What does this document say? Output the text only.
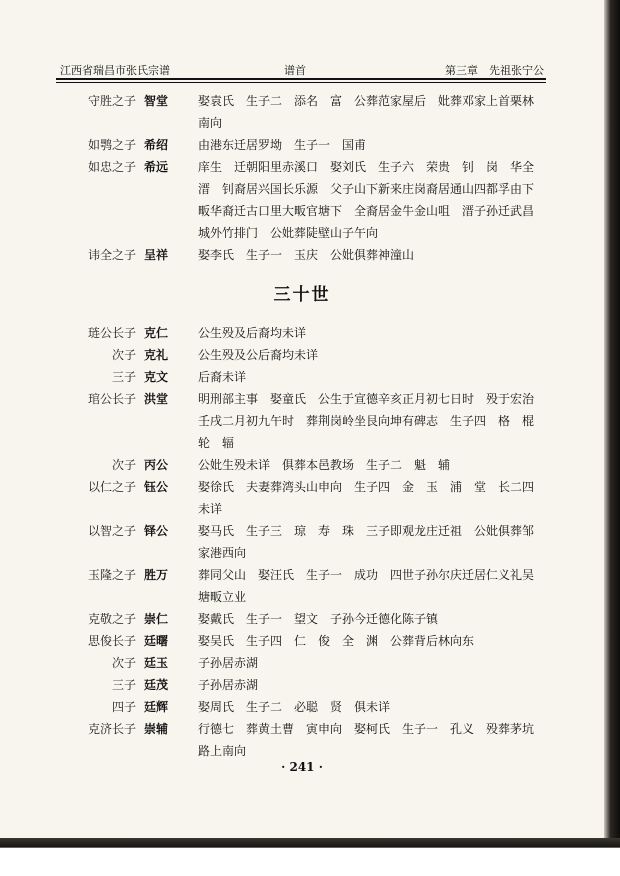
江西省瑞昌市张氏宗谱	谱首	第三章　先祖张宁公
守胜之子 智堂 娶袁氏　生子二　添名　富　公葬范家屋后　妣葬邓家上首栗林南向
如鹗之子 希绍 由港东迁居罗坳　生子一　国甫
如忠之子 希远 庠生　迁朝阳里赤溪口　娶刘氏　生子六　荣贵　钊　岗　华全　溍　钊裔居兴国长乐源　父子山下新来庄岗裔居通山四都孚由下畈华裔迁古口里大畈官塘下　全裔居金牛金山咀　溍子孙迁武昌城外竹排门　公妣葬陡壁山子午向
讳全之子 呈祥 娶李氏　生子一　玉庆　公妣俱葬神潼山
三十世
琏公长子 克仁 公生殁及后裔均未详
次子 克礼 公生殁及公后裔均未详
三子 克文 后裔未详
琯公长子 洪堂 明刑部主事　娶童氏　公生于宣德辛亥正月初七日时　殁于宏治壬戌二月初九午时　葬荆岗岭坐艮向坤有碑志　生子四　格　棍　轮　辐
次子 丙公 公妣生殁未详　俱葬本邑教场　生子二　魁　辅
以仁之子 钰公 娶徐氏　夫妻葬湾头山申向　生子四　金　玉　浦　堂　长二四未详
以智之子 铎公 娶马氏　生子三　琼　寿　珠　三子即观龙庄迁祖　公妣俱葬邹家港西向
玉隆之子 胜万 葬同父山　娶汪氏　生子一　成功　四世子孙尔庆迁居仁义礼吴塘畈立业
克敬之子 崇仁 娶戴氏　生子一　望文　子孙今迁德化陈子镇
思俊长子 廷曙 娶吴氏　生子四　仁　俊　全　渊　公葬背后林向东
次子 廷玉 子孙居赤湖
三子 廷茂 子孙居赤湖
四子 廷辉 娶周氏　生子二　必聪　贤　俱未详
克济长子 崇辅 行德七　葬黄土曹　寅申向　娶柯氏　生子一　孔义　殁葬茅坑路上南向
· 241 ·
